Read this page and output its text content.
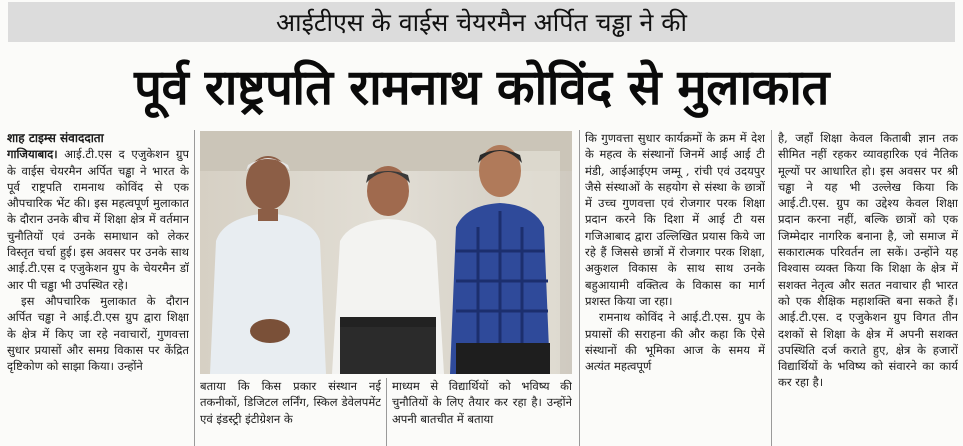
आईटीएस के वाईस चेयरमैन अर्पित चड्ढा ने की
पूर्व राष्ट्रपति रामनाथ कोविंद से मुलाकात

शाह टाइम्स संवाददाता

गाजियाबाद। आई.टी.एस द एजुकेशन ग्रुप के वाईस चेयरमैन अर्पित चड्ढा ने भारत के पूर्व राष्ट्रपति रामनाथ कोविंद से एक औपचारिक भेंट की। इस महत्वपूर्ण मुलाकात के दौरान उनके बीच में शिक्षा क्षेत्र में वर्तमान चुनौतियों एवं उनके समाधान को लेकर विस्तृत चर्चा हुई। इस अवसर पर उनके साथ आई.टी.एस द एजुकेशन ग्रुप के चेयरमैन डॉ आर पी चड्ढा भी उपस्थित रहे।

इस औपचारिक मुलाकात के दौरान अर्पित चड्ढा ने आई.टी.एस ग्रुप द्वारा शिक्षा के क्षेत्र में किए जा रहे नवाचारों, गुणवत्ता सुधार प्रयासों और समग्र विकास पर केंद्रित दृष्टिकोण को साझा किया। उन्होंने

बताया कि किस प्रकार संस्थान नई तकनीकों, डिजिटल लर्निंग, स्किल डेवेलपमेंट एवं इंडस्ट्री इंटीग्रेशन के

माध्यम से विद्यार्थियों को भविष्य की चुनौतियों के लिए तैयार कर रहा है। उन्होंने अपनी बातचीत में बताया

कि गुणवत्ता सुधार कार्यक्रमों के क्रम में देश के महत्व के संस्थानों जिनमें आई आई टी मंडी, आईआईएम जम्मू , रांची एवं उदयपुर जैसे संस्थाओं के सहयोग से संस्था के छात्रों में उच्च गुणवत्ता एवं रोजगार परक शिक्षा प्रदान करने कि दिशा में आई टी यस गजिआबाद द्वारा उल्लिखित प्रयास किये जा रहे हैं जिससे छात्रों में रोजगार परक शिक्षा, अकुशल विकास के साथ साथ उनके बहुआयामी वक्तित्व के विकास का मार्ग प्रशस्त किया जा रहा।

रामनाथ कोविंद ने आई.टी.एस. ग्रुप के प्रयासों की सराहना की और कहा कि ऐसे संस्थानों की भूमिका आज के समय में अत्यंत महत्वपूर्ण

है, जहाँ शिक्षा केवल किताबी ज्ञान तक सीमित नहीं रहकर व्यावहारिक एवं नैतिक मूल्यों पर आधारित हो। इस अवसर पर श्री चड्ढा ने यह भी उल्लेख किया कि आई.टी.एस. ग्रुप का उद्देश्य केवल शिक्षा प्रदान करना नहीं, बल्कि छात्रों को एक जिम्मेदार नागरिक बनाना है, जो समाज में सकारात्मक परिवर्तन ला सकें। उन्होंने यह विश्वास व्यक्त किया कि शिक्षा के क्षेत्र में सशक्त नेतृत्व और सतत नवाचार ही भारत को एक शैक्षिक महाशक्ति बना सकते हैं। आई.टी.एस. द एजुकेशन ग्रुप विगत तीन दशकों से शिक्षा के क्षेत्र में अपनी सशक्त उपस्थिति दर्ज कराते हुए, क्षेत्र के हजारों विद्यार्थियों के भविष्य को संवारने का कार्य कर रहा है।
